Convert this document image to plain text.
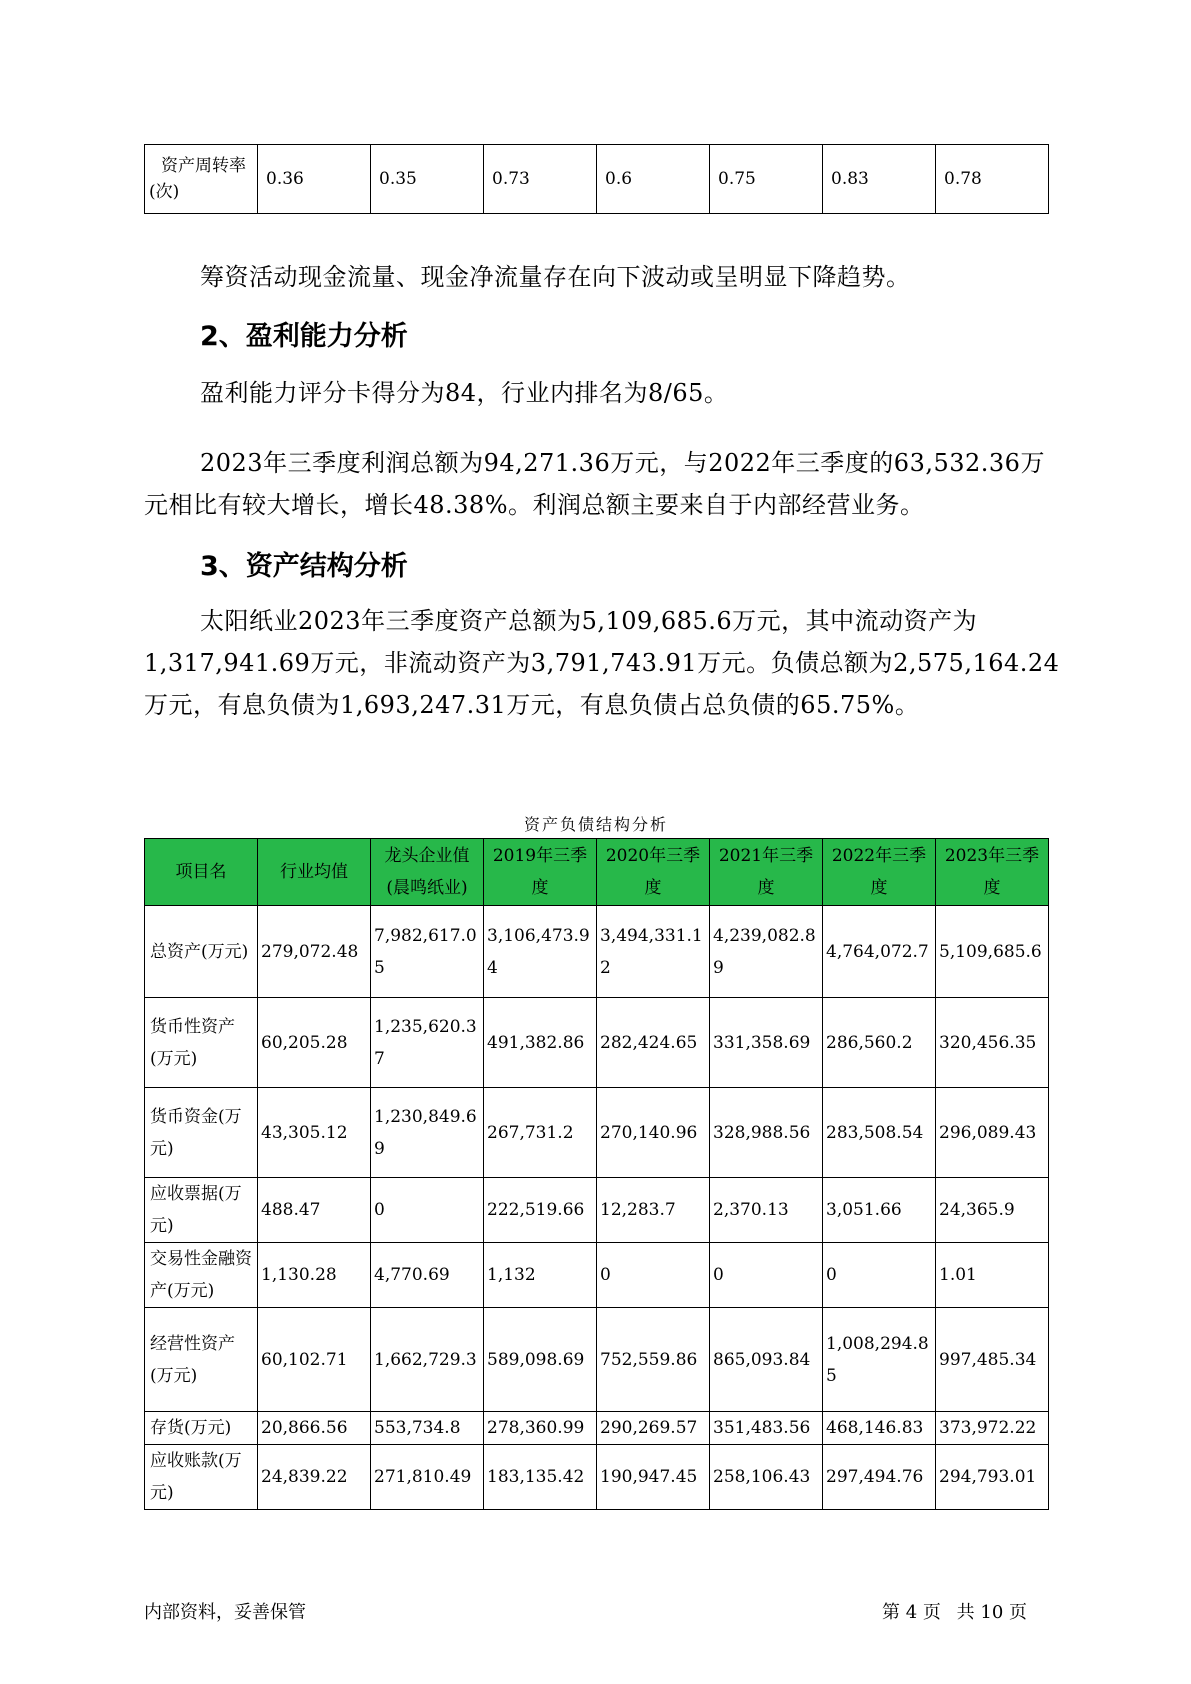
资产周转率
(次)	0.36	0.35	0.73	0.6	0.75	0.83	0.78

筹资活动现金流量、现金净流量存在向下波动或呈明显下降趋势。

2、盈利能力分析

盈利能力评分卡得分为84，行业内排名为8/65。

2023年三季度利润总额为94,271.36万元，与2022年三季度的63,532.36万元相比有较大增长，增长48.38%。利润总额主要来自于内部经营业务。

3、资产结构分析

太阳纸业2023年三季度资产总额为5,109,685.6万元，其中流动资产为1,317,941.69万元，非流动资产为3,791,743.91万元。负债总额为2,575,164.24万元，有息负债为1,693,247.31万元，有息负债占总负债的65.75%。

资产负债结构分析
项目名	行业均值	龙头企业值(晨鸣纸业)	2019年三季度	2020年三季度	2021年三季度	2022年三季度	2023年三季度
总资产(万元)	279,072.48	7,982,617.05	3,106,473.94	3,494,331.12	4,239,082.89	4,764,072.7	5,109,685.6
货币性资产(万元)	60,205.28	1,235,620.37	491,382.86	282,424.65	331,358.69	286,560.2	320,456.35
货币资金(万元)	43,305.12	1,230,849.69	267,731.2	270,140.96	328,988.56	283,508.54	296,089.43
应收票据(万元)	488.47	0	222,519.66	12,283.7	2,370.13	3,051.66	24,365.9
交易性金融资产(万元)	1,130.28	4,770.69	1,132	0	0	0	1.01
经营性资产(万元)	60,102.71	1,662,729.3	589,098.69	752,559.86	865,093.84	1,008,294.85	997,485.34
存货(万元)	20,866.56	553,734.8	278,360.99	290,269.57	351,483.56	468,146.83	373,972.22
应收账款(万元)	24,839.22	271,810.49	183,135.42	190,947.45	258,106.43	297,494.76	294,793.01
内部资料，妥善保管	第 4 页 共 10 页
